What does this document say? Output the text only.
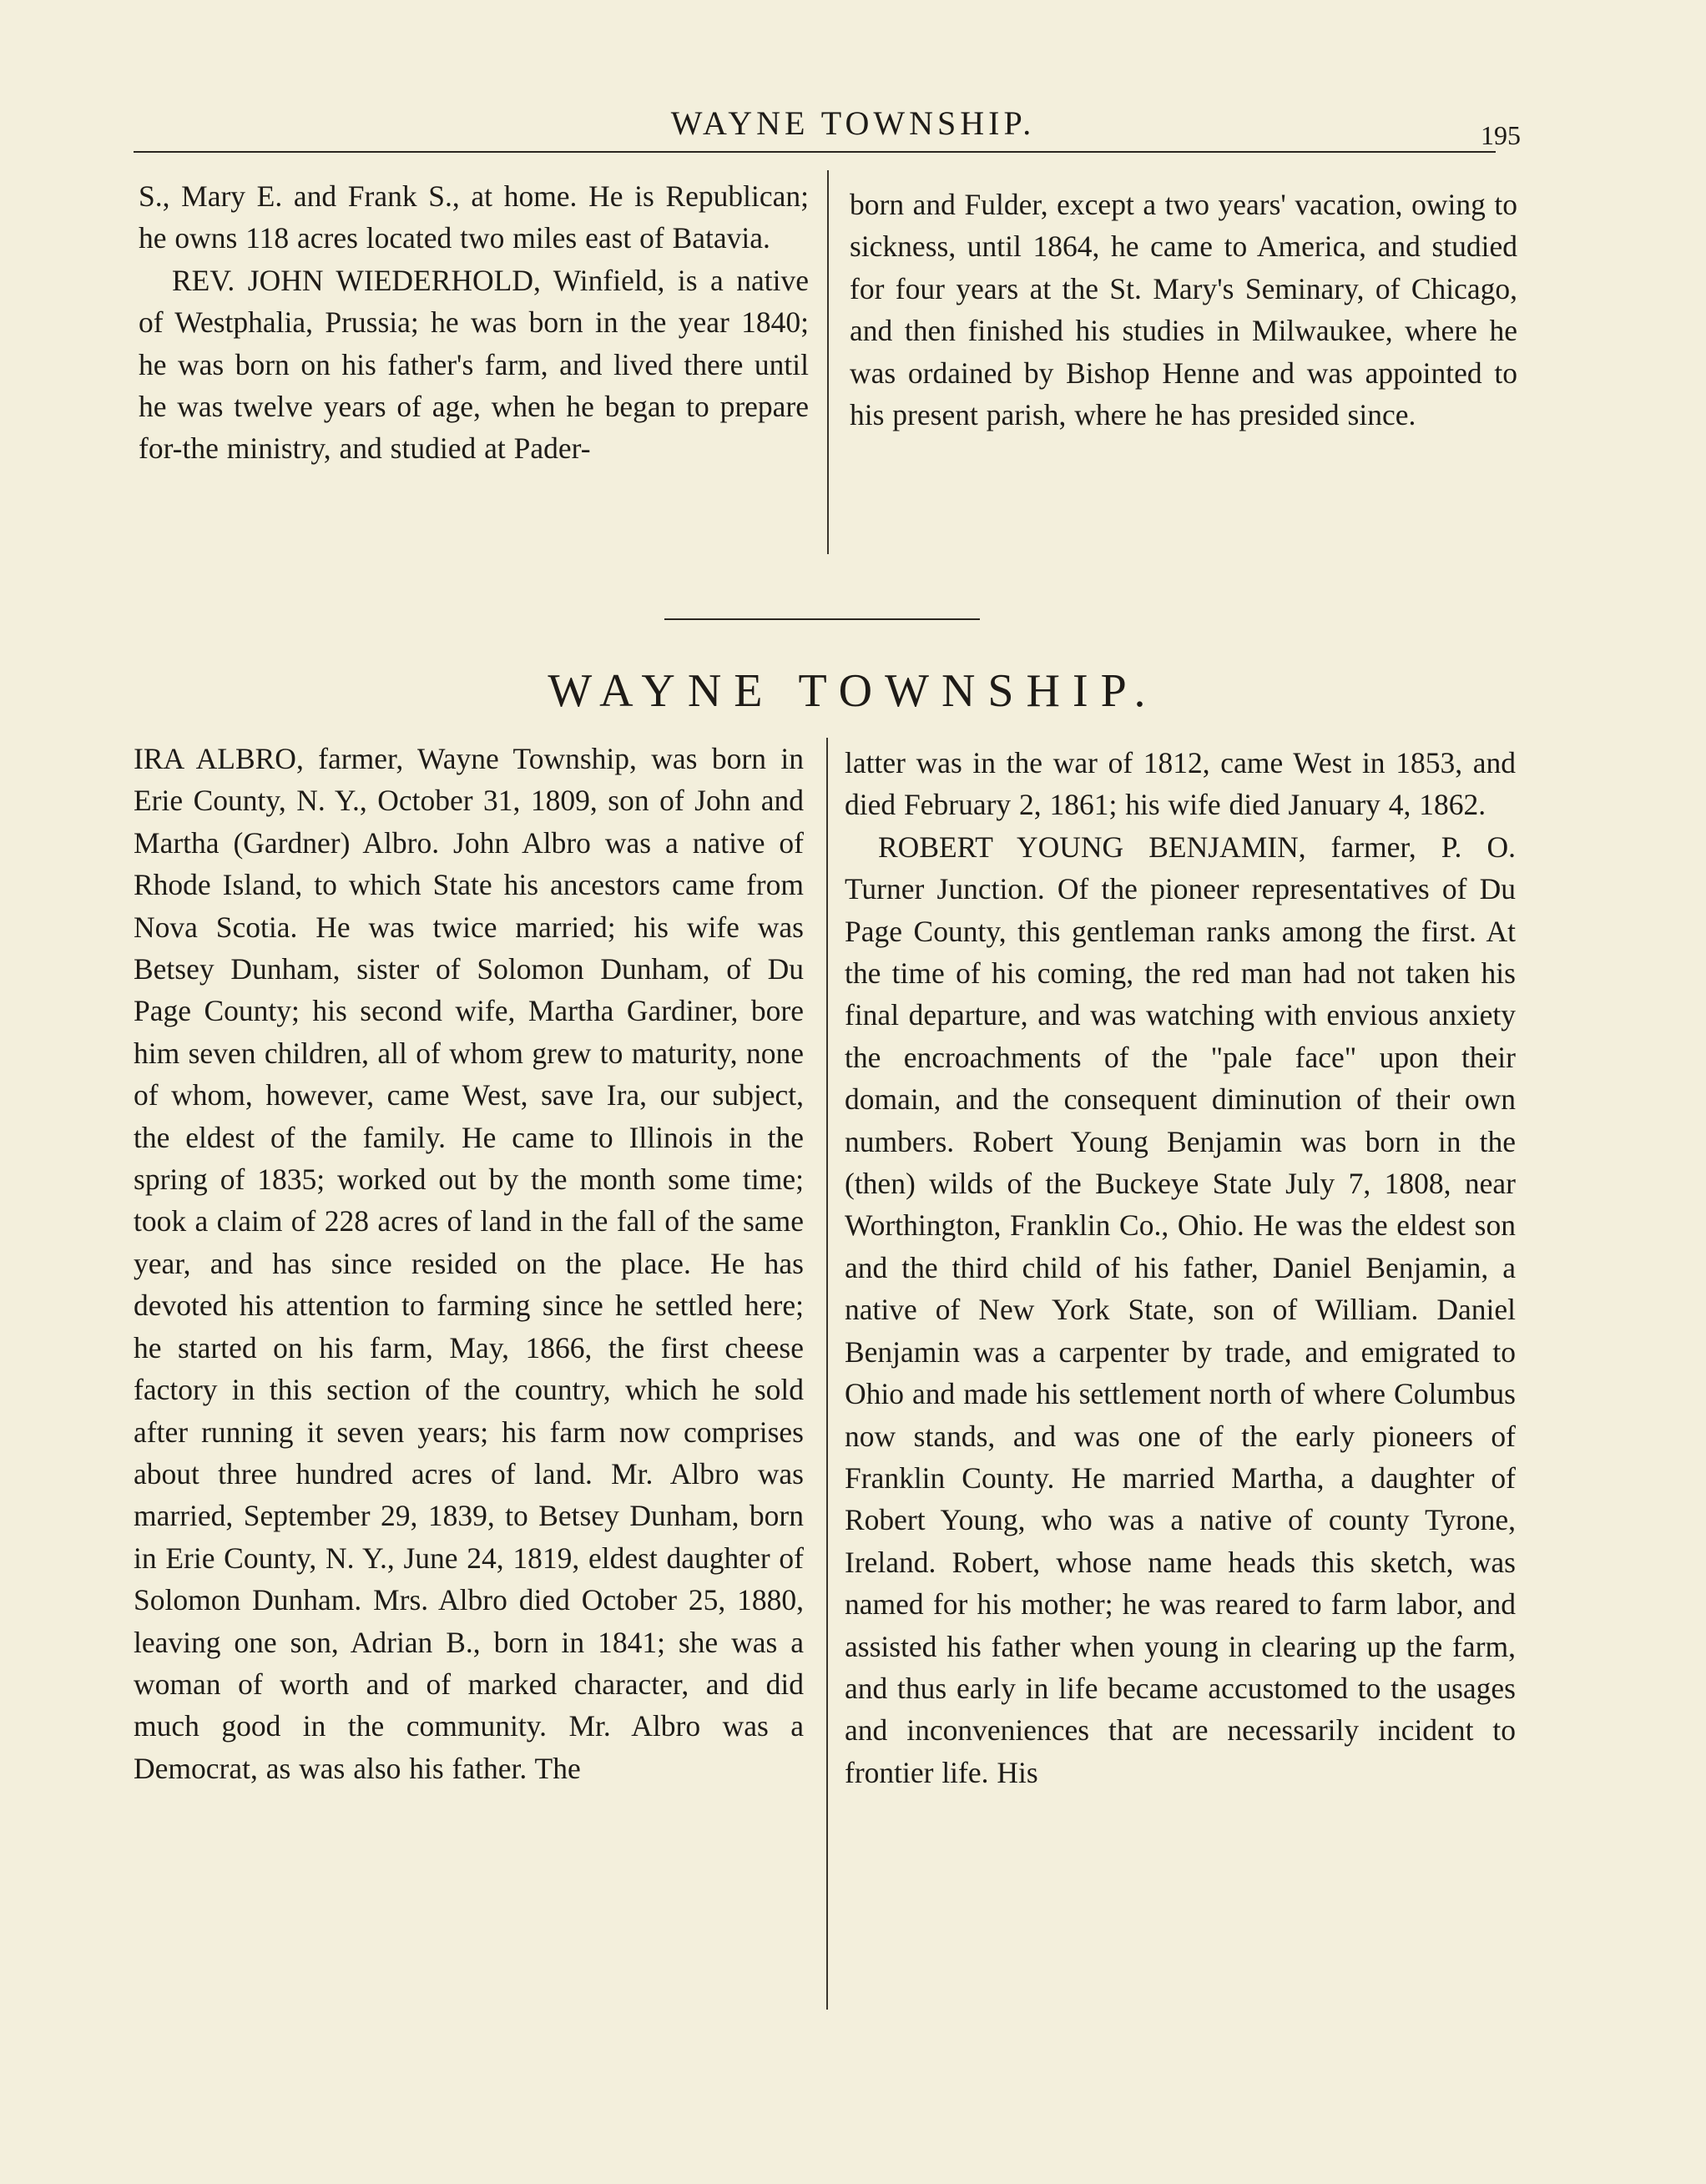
WAYNE TOWNSHIP.	195

S., Mary E. and Frank S., at home. He is Republican; he owns 118 acres located two miles east of Batavia.

REV. JOHN WIEDERHOLD, Winfield, is a native of Westphalia, Prussia; he was born in the year 1840; he was born on his father's farm, and lived there until he was twelve years of age, when he began to prepare for-the ministry, and studied at Pader-

born and Fulder, except a two years' vacation, owing to sickness, until 1864, he came to America, and studied for four years at the St. Mary's Seminary, of Chicago, and then finished his studies in Milwaukee, where he was ordained by Bishop Henne and was appointed to his present parish, where he has presided since.

WAYNE TOWNSHIP.

IRA ALBRO, farmer, Wayne Township, was born in Erie County, N. Y., October 31, 1809, son of John and Martha (Gardner) Albro. John Albro was a native of Rhode Island, to which State his ancestors came from Nova Scotia. He was twice married; his wife was Betsey Dunham, sister of Solomon Dunham, of Du Page County; his second wife, Martha Gardiner, bore him seven children, all of whom grew to maturity, none of whom, however, came West, save Ira, our subject, the eldest of the family. He came to Illinois in the spring of 1835; worked out by the month some time; took a claim of 228 acres of land in the fall of the same year, and has since resided on the place. He has devoted his attention to farming since he settled here; he started on his farm, May, 1866, the first cheese factory in this section of the country, which he sold after running it seven years; his farm now comprises about three hundred acres of land. Mr. Albro was married, September 29, 1839, to Betsey Dunham, born in Erie County, N. Y., June 24, 1819, eldest daughter of Solomon Dunham. Mrs. Albro died October 25, 1880, leaving one son, Adrian B., born in 1841; she was a woman of worth and of marked character, and did much good in the community. Mr. Albro was a Democrat, as was also his father. The

latter was in the war of 1812, came West in 1853, and died February 2, 1861; his wife died January 4, 1862.

ROBERT YOUNG BENJAMIN, farmer, P. O. Turner Junction. Of the pioneer representatives of Du Page County, this gentleman ranks among the first. At the time of his coming, the red man had not taken his final departure, and was watching with envious anxiety the encroachments of the "pale face" upon their domain, and the consequent diminution of their own numbers. Robert Young Benjamin was born in the (then) wilds of the Buckeye State July 7, 1808, near Worthington, Franklin Co., Ohio. He was the eldest son and the third child of his father, Daniel Benjamin, a native of New York State, son of William. Daniel Benjamin was a carpenter by trade, and emigrated to Ohio and made his settlement north of where Columbus now stands, and was one of the early pioneers of Franklin County. He married Martha, a daughter of Robert Young, who was a native of county Tyrone, Ireland. Robert, whose name heads this sketch, was named for his mother; he was reared to farm labor, and assisted his father when young in clearing up the farm, and thus early in life became accustomed to the usages and inconveniences that are necessarily incident to frontier life. His
